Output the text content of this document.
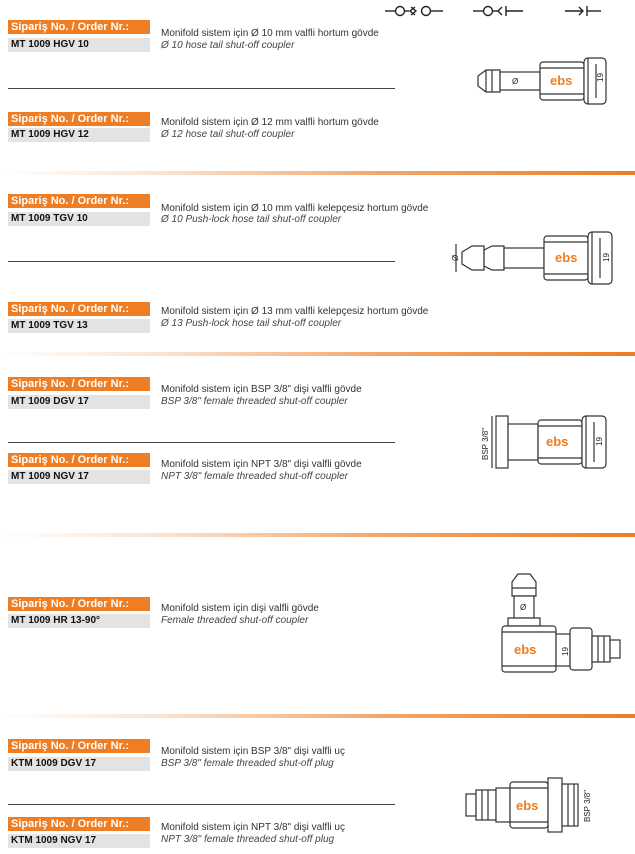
Sipariş No. / Order Nr.:
MT 1009 HGV 10
Monifold sistem için Ø 10 mm valfli hortum gövde
Ø 10 hose tail shut-off coupler
Sipariş No. / Order Nr.:
MT 1009 HGV 12
Monifold sistem için Ø 12 mm valfli hortum gövde
Ø 12 hose tail shut-off coupler
Ø ebs	19
Sipariş No. / Order Nr.:
MT 1009 TGV 10
Monifold sistem için Ø 10 mm valfli kelepçesiz hortum gövde
Ø 10 Push-lock hose tail shut-off coupler
Sipariş No. / Order Nr.:
MT 1009 TGV 13
Monifold sistem için Ø 13 mm valfli kelepçesiz hortum gövde
Ø 13 Push-lock hose tail shut-off coupler
Ø	ebs	19
Sipariş No. / Order Nr.:
MT 1009 DGV 17
Monifold sistem için BSP 3/8" dişi valfli gövde
BSP 3/8" female threaded shut-off coupler
Sipariş No. / Order Nr.:
MT 1009 NGV 17
Monifold sistem için NPT 3/8" dişi valfli gövde
NPT 3/8" female threaded shut-off coupler
BSP 3/8"	ebs	19
Sipariş No. / Order Nr.:
MT 1009 HR 13-90°
Monifold sistem için dişi valfli gövde
Female threaded shut-off coupler
Ø
ebs	19
Sipariş No. / Order Nr.:
KTM 1009 DGV 17
Monifold sistem için BSP 3/8" dişi valfli uç
BSP 3/8" female threaded shut-off plug
Sipariş No. / Order Nr.:
KTM 1009 NGV 17
Monifold sistem için NPT 3/8" dişi valfli uç
NPT 3/8" female threaded shut-off plug
ebs	BSP 3/8"
